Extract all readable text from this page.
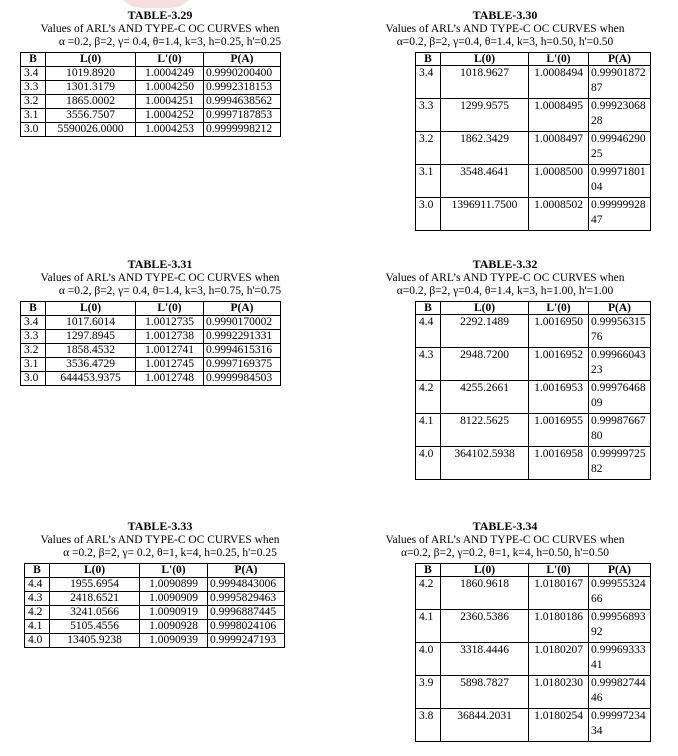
TABLE-3.29
Values of ARL’s AND TYPE-C OC CURVES when
α =0.2, β=2, γ= 0.4, θ=1.4, k=3, h=0.25, h'=0.25
B	L(0)	L'(0)	P(A)
3.4	1019.8920	1.0004249	0.9990200400
3.3	1301.3179	1.0004250	0.9992318153
3.2	1865.0002	1.0004251	0.9994638562
3.1	3556.7507	1.0004252	0.9997187853
3.0	5590026.0000	1.0004253	0.9999998212
TABLE-3.30
Values of ARL’s AND TYPE-C OC CURVES when
α=0.2, β=2, γ=0.4, θ=1.4, k=3, h=0.50, h'=0.50
B	L(0)	L'(0)	P(A)
3.4	1018.9627	1.0008494	0.9990187287
3.3	1299.9575	1.0008495	0.9992306828
3.2	1862.3429	1.0008497	0.9994629025
3.1	3548.4641	1.0008500	0.9997180104
3.0	1396911.7500	1.0008502	0.9999992847
TABLE-3.31
Values of ARL’s AND TYPE-C OC CURVES when
α =0.2, β=2, γ= 0.4, θ=1.4, k=3, h=0.75, h'=0.75
B	L(0)	L'(0)	P(A)
3.4	1017.6014	1.0012735	0.9990170002
3.3	1297.8945	1.0012738	0.9992291331
3.2	1858.4532	1.0012741	0.9994615316
3.1	3536.4729	1.0012745	0.9997169375
3.0	644453.9375	1.0012748	0.9999984503
TABLE-3.32
Values of ARL’s AND TYPE-C OC CURVES when
α=0.2, β=2, γ=0.4, θ=1.4, k=3, h=1.00, h'=1.00
B	L(0)	L'(0)	P(A)
4.4	2292.1489	1.0016950	0.9995631576
4.3	2948.7200	1.0016952	0.9996604323
4.2	4255.2661	1.0016953	0.9997646809
4.1	8122.5625	1.0016955	0.9998766780
4.0	364102.5938	1.0016958	0.9999972582
TABLE-3.33
Values of ARL’s AND TYPE-C OC CURVES when
α =0.2, β=2, γ= 0.2, θ=1, k=4, h=0.25, h'=0.25
B	L(0)	L'(0)	P(A)
4.4	1955.6954	1.0090899	0.9994843006
4.3	2418.6521	1.0090909	0.9995829463
4.2	3241.0566	1.0090919	0.9996887445
4.1	5105.4556	1.0090928	0.9998024106
4.0	13405.9238	1.0090939	0.9999247193
TABLE-3.34
Values of ARL’s AND TYPE-C OC CURVES when
α=0.2, β=2, γ=0.2, θ=1, k=4, h=0.50, h'=0.50
B	L(0)	L'(0)	P(A)
4.2	1860.9618	1.0180167	0.9995532466
4.1	2360.5386	1.0180186	0.9995689392
4.0	3318.4446	1.0180207	0.9996933341
3.9	5898.7827	1.0180230	0.9998274446
3.8	36844.2031	1.0180254	0.9999723434
